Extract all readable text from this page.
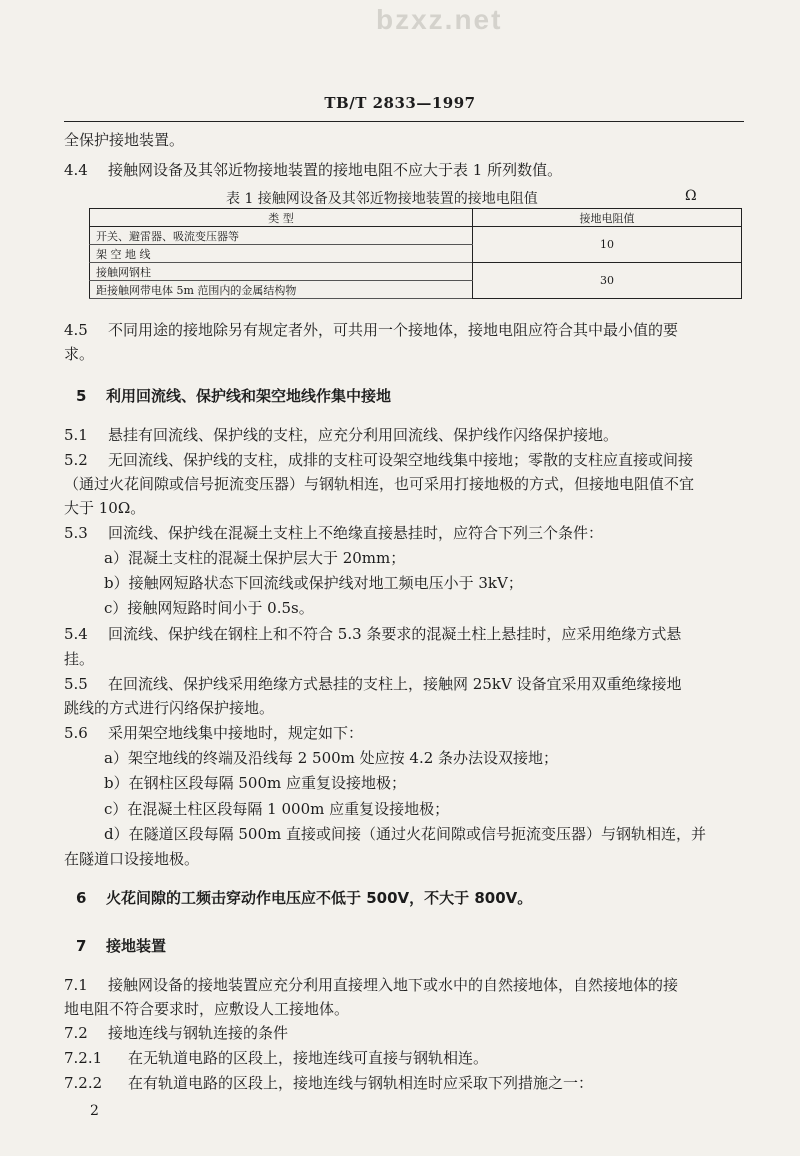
bzxz.net
TB/T 2833—1997
全保护接地装置。
4.4 接触网设备及其邻近物接地装置的接地电阻不应大于表 1 所列数值。
表 1 接触网设备及其邻近物接地装置的接地电阻值	Ω
类 型	接地电阻值
开关、避雷器、吸流变压器等	10
架 空 地 线	
接触网钢柱	30
距接触网带电体 5m 范围内的金属结构物	
4.5 不同用途的接地除另有规定者外，可共用一个接地体，接地电阻应符合其中最小值的要
求。
5 利用回流线、保护线和架空地线作集中接地
5.1 悬挂有回流线、保护线的支柱，应充分利用回流线、保护线作闪络保护接地。
5.2 无回流线、保护线的支柱，成排的支柱可设架空地线集中接地；零散的支柱应直接或间接
（通过火花间隙或信号扼流变压器）与钢轨相连，也可采用打接地极的方式，但接地电阻值不宜
大于 10Ω。
5.3 回流线、保护线在混凝土支柱上不绝缘直接悬挂时，应符合下列三个条件：
a）混凝土支柱的混凝土保护层大于 20mm；
b）接触网短路状态下回流线或保护线对地工频电压小于 3kV；
c）接触网短路时间小于 0.5s。
5.4 回流线、保护线在钢柱上和不符合 5.3 条要求的混凝土柱上悬挂时，应采用绝缘方式悬
挂。
5.5 在回流线、保护线采用绝缘方式悬挂的支柱上，接触网 25kV 设备宜采用双重绝缘接地
跳线的方式进行闪络保护接地。
5.6 采用架空地线集中接地时，规定如下：
a）架空地线的终端及沿线每 2 500m 处应按 4.2 条办法设双接地；
b）在钢柱区段每隔 500m 应重复设接地极；
c）在混凝土柱区段每隔 1 000m 应重复设接地极；
d）在隧道区段每隔 500m 直接或间接（通过火花间隙或信号扼流变压器）与钢轨相连，并
在隧道口设接地极。
6 火花间隙的工频击穿动作电压应不低于 500V，不大于 800V。
7 接地装置
7.1 接触网设备的接地装置应充分利用直接埋入地下或水中的自然接地体，自然接地体的接
地电阻不符合要求时，应敷设人工接地体。
7.2 接地连线与钢轨连接的条件
7.2.1 在无轨道电路的区段上，接地连线可直接与钢轨相连。
7.2.2 在有轨道电路的区段上，接地连线与钢轨相连时应采取下列措施之一：
2
